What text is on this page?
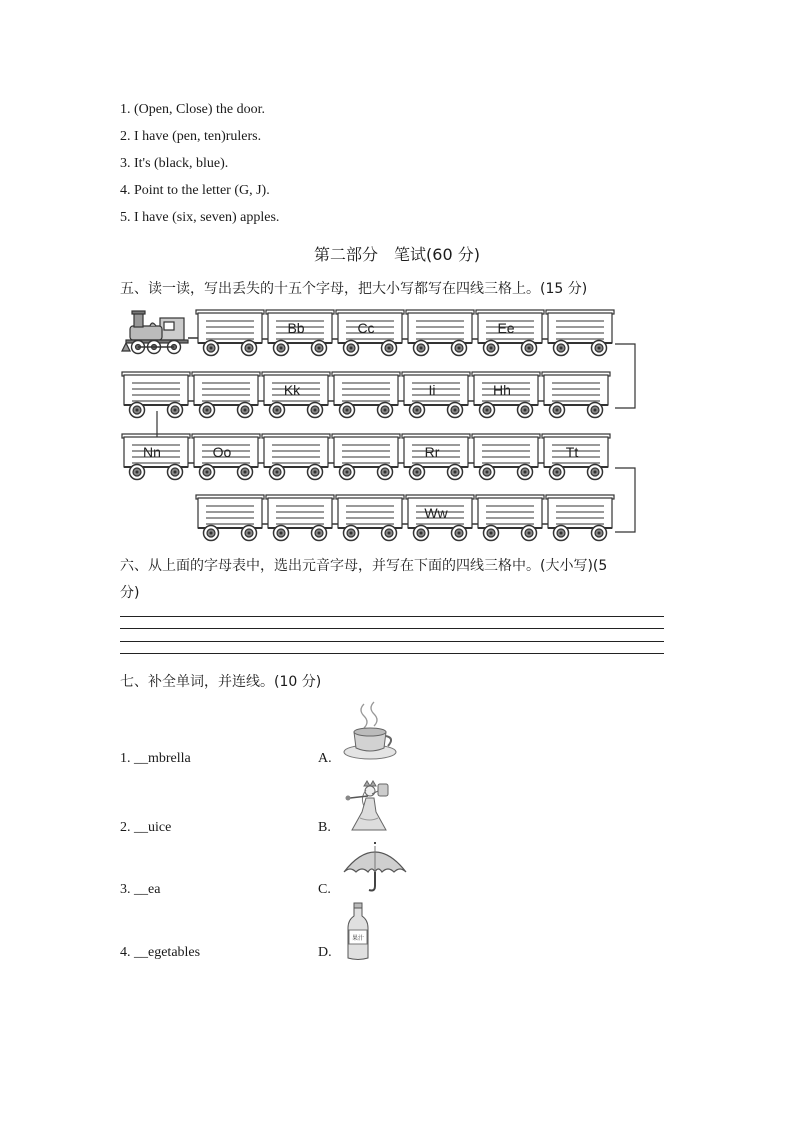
1. (Open, Close) the door.
2. I have (pen, ten)rulers.
3. It's (black, blue).
4. Point to the letter (G, J).
5. I have (six, seven) apples.
第二部分　笔试(60 分)
五、读一读，写出丢失的十五个字母，把大小写都写在四线三格上。(15 分)
Bb	Cc	Ee
Kk	Ii	Hh
Nn	Oo	Rr	Tt
Ww
六、从上面的字母表中，选出元音字母，并写在下面的四线三格中。(大小写)(5
分)
七、补全单词，并连线。(10 分)
1. __mbrella	A.
2. __uice	B.
3. __ea	C.
4. __egetables	D.
果汁
